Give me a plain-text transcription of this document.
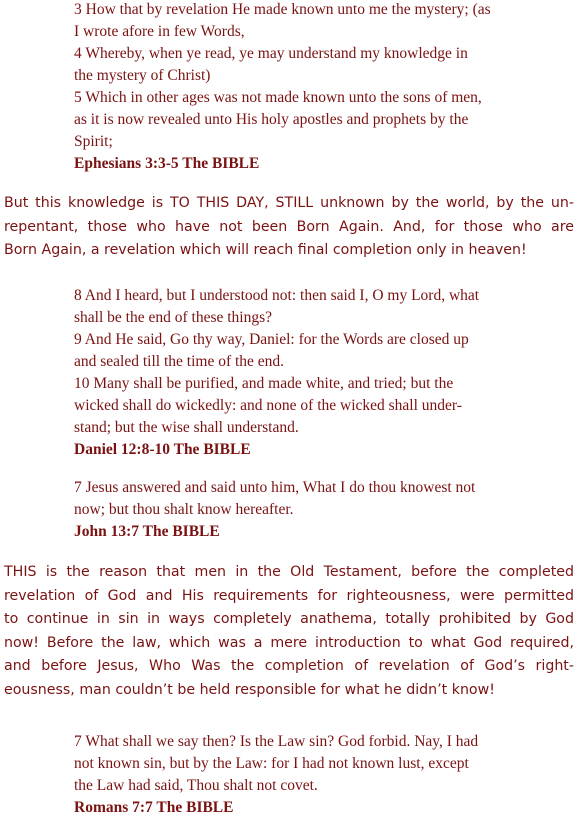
3 How that by revelation He made known unto me the mystery; (as
I wrote afore in few Words,
4 Whereby, when ye read, ye may understand my knowledge in
the mystery of Christ)
5 Which in other ages was not made known unto the sons of men,
as it is now revealed unto His holy apostles and prophets by the
Spirit;
Ephesians 3:3-5 The BIBLE
But this knowledge is TO THIS DAY, STILL unknown by the world, by the un-
repentant, those who have not been Born Again. And, for those who are
Born Again, a revelation which will reach final completion only in heaven!
8 And I heard, but I understood not: then said I, O my Lord, what
shall be the end of these things?
9 And He said, Go thy way, Daniel: for the Words are closed up
and sealed till the time of the end.
10 Many shall be purified, and made white, and tried; but the
wicked shall do wickedly: and none of the wicked shall under-
stand; but the wise shall understand.
Daniel 12:8-10 The BIBLE
7 Jesus answered and said unto him, What I do thou knowest not
now; but thou shalt know hereafter.
John 13:7 The BIBLE
THIS is the reason that men in the Old Testament, before the completed
revelation of God and His requirements for righteousness, were permitted
to continue in sin in ways completely anathema, totally prohibited by God
now! Before the law, which was a mere introduction to what God required,
and before Jesus, Who Was the completion of revelation of God’s right-
eousness, man couldn’t be held responsible for what he didn’t know!
7 What shall we say then? Is the Law sin? God forbid. Nay, I had
not known sin, but by the Law: for I had not known lust, except
the Law had said, Thou shalt not covet.
Romans 7:7 The BIBLE
